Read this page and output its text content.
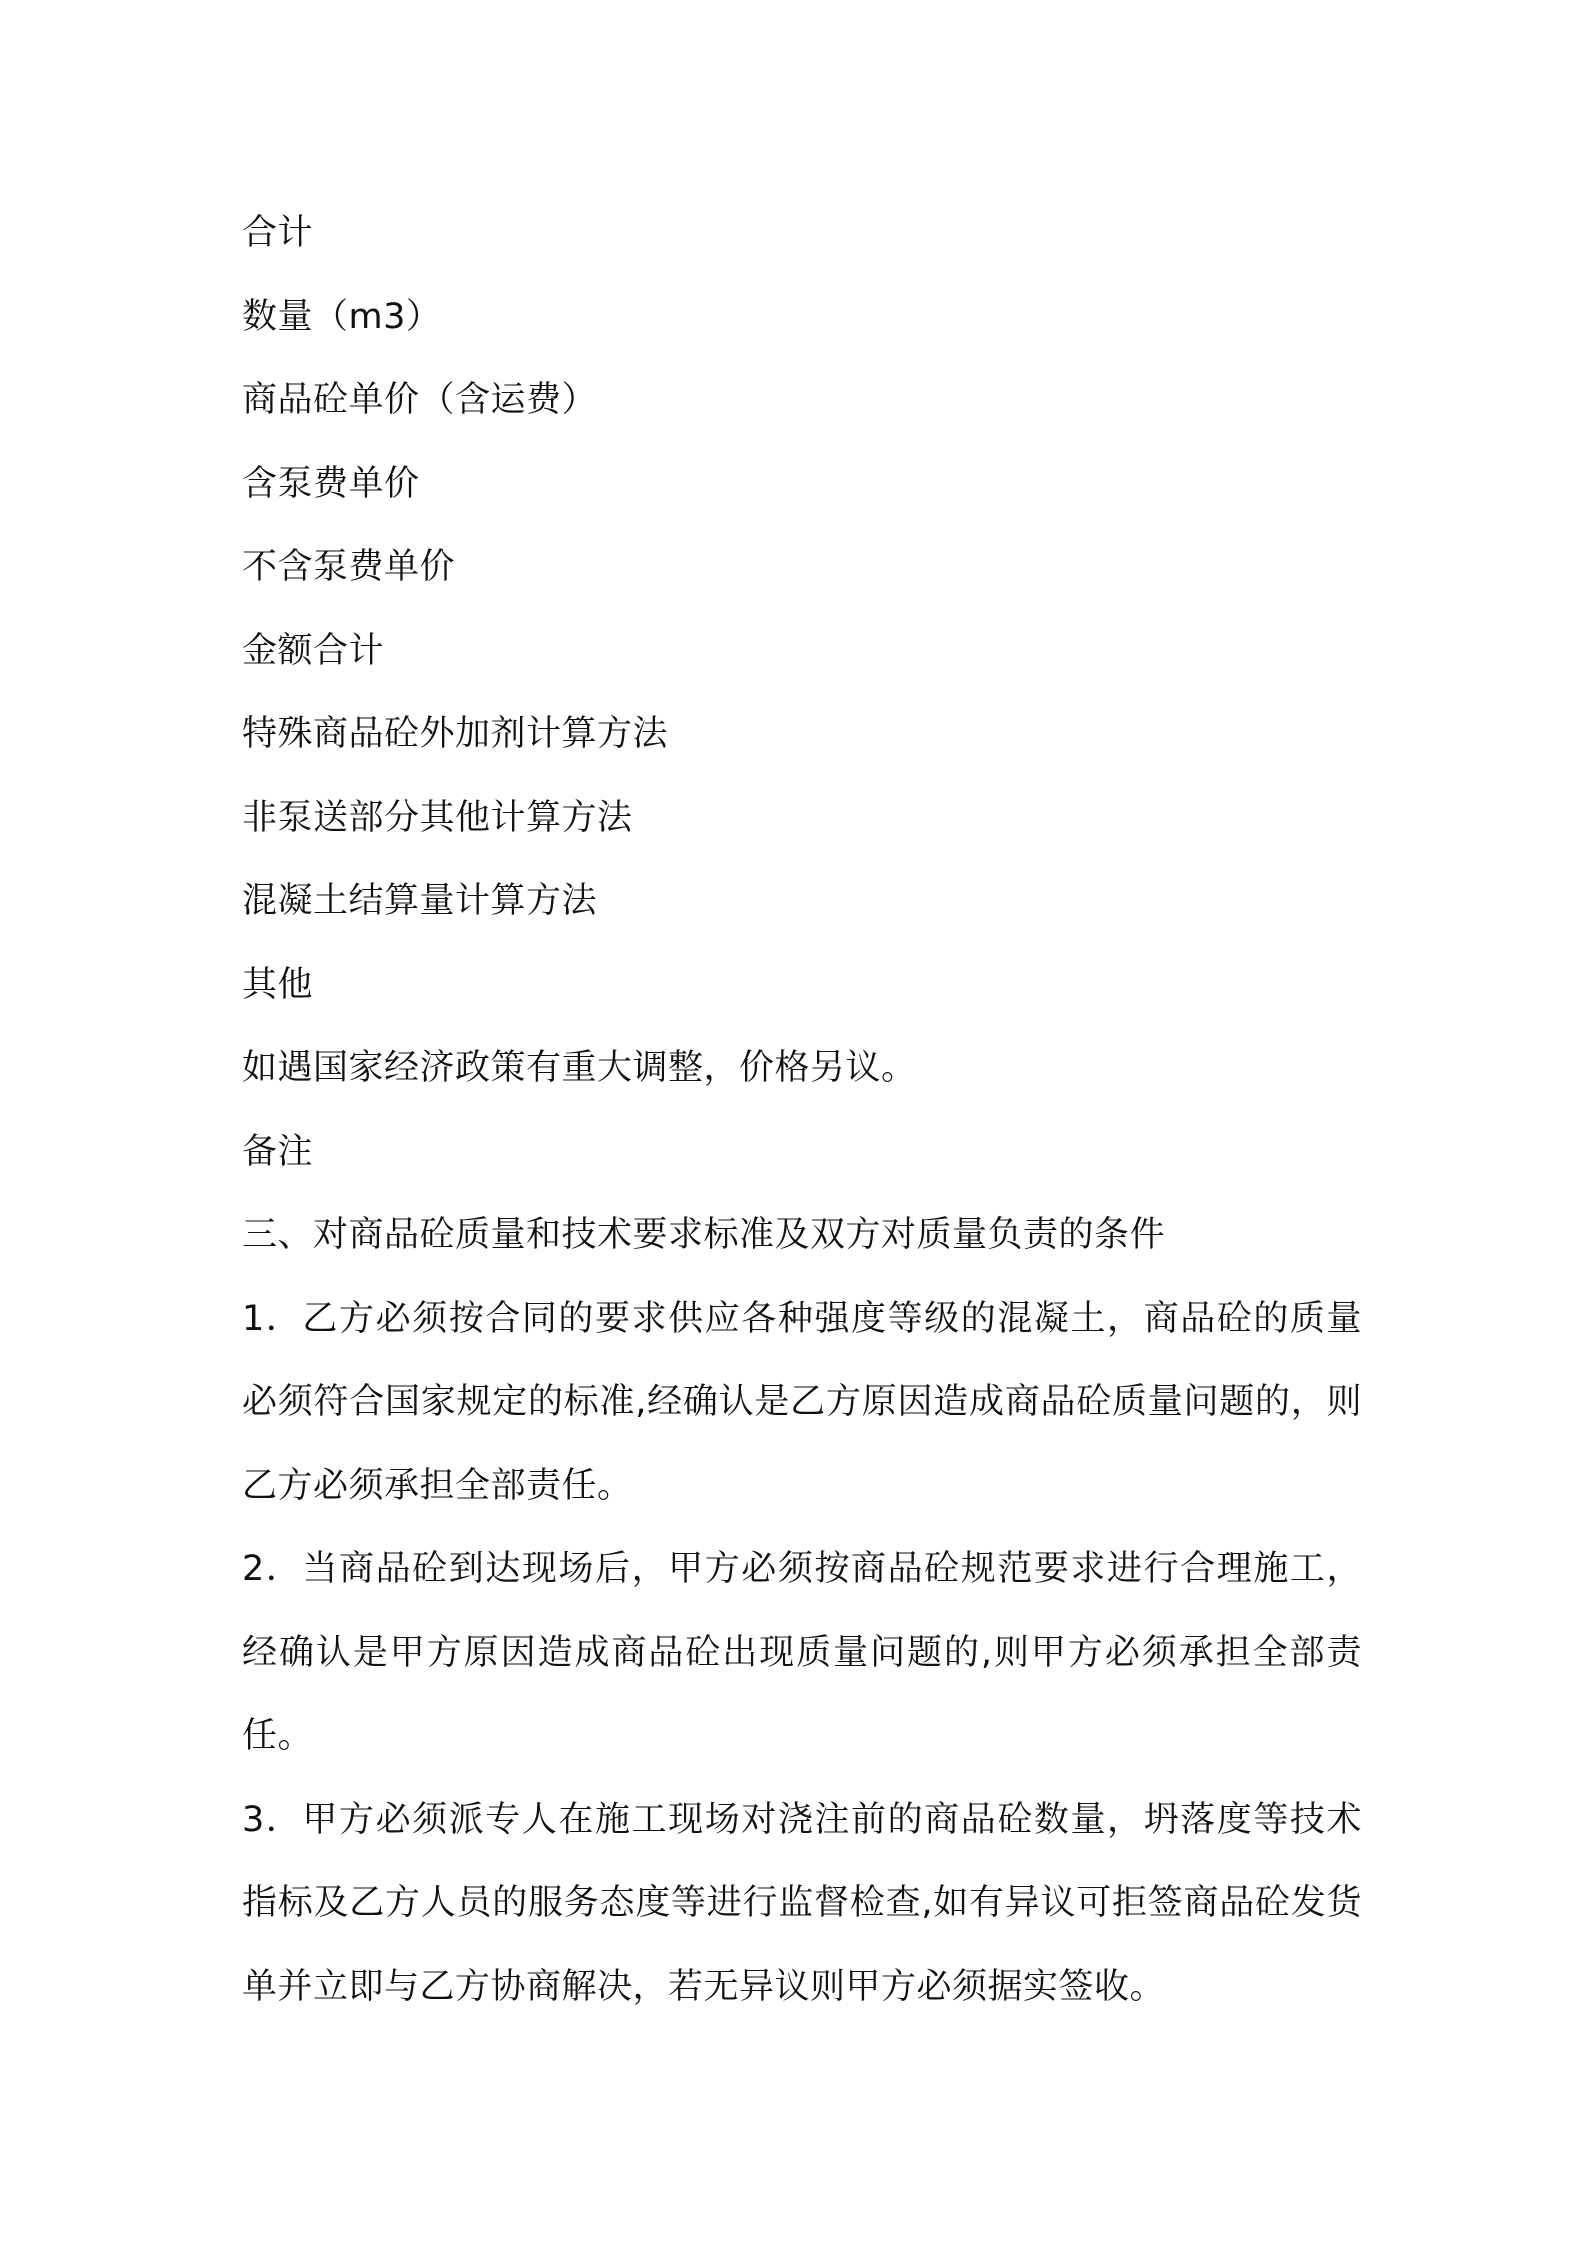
合计
数量（m3）
商品砼单价（含运费）
含泵费单价
不含泵费单价
金额合计
特殊商品砼外加剂计算方法
非泵送部分其他计算方法
混凝土结算量计算方法
其他
如遇国家经济政策有重大调整，价格另议。
备注
三、对商品砼质量和技术要求标准及双方对质量负责的条件
1．乙方必须按合同的要求供应各种强度等级的混凝土，商品砼的质量必须符合国家规定的标准,经确认是乙方原因造成商品砼质量问题的，则乙方必须承担全部责任。
2．当商品砼到达现场后，甲方必须按商品砼规范要求进行合理施工，经确认是甲方原因造成商品砼出现质量问题的,则甲方必须承担全部责任。
3．甲方必须派专人在施工现场对浇注前的商品砼数量，坍落度等技术指标及乙方人员的服务态度等进行监督检查,如有异议可拒签商品砼发货单并立即与乙方协商解决，若无异议则甲方必须据实签收。
